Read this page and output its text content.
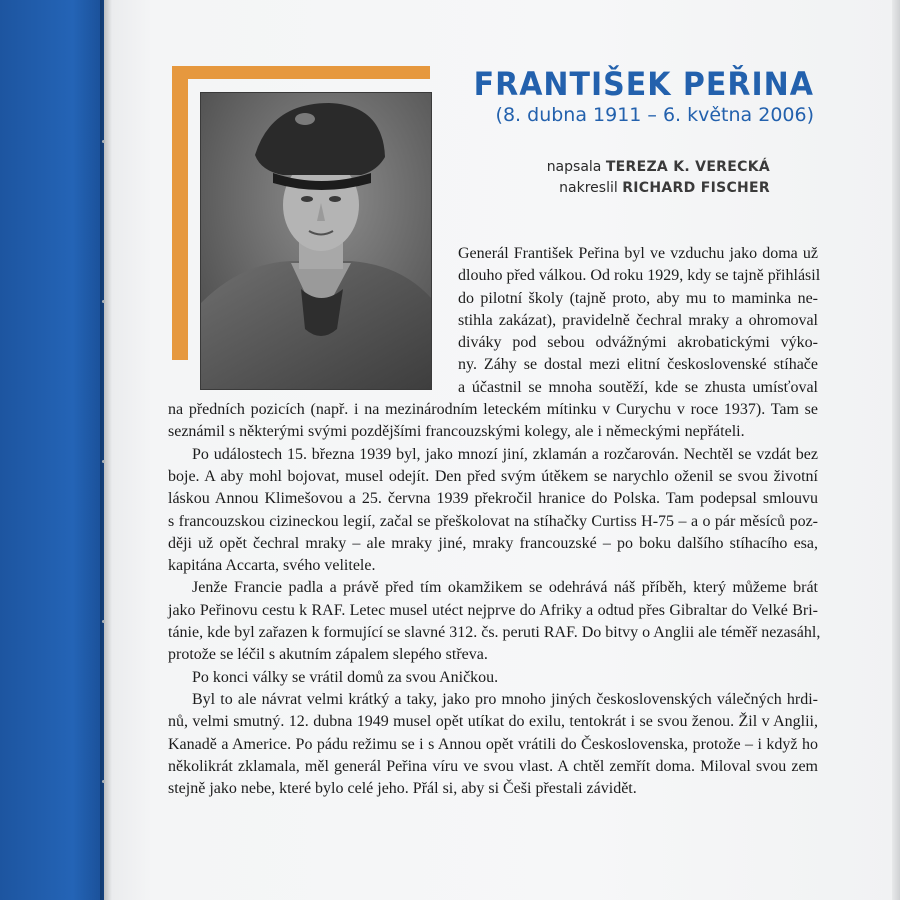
FRANTIŠEK PEŘINA

(8. dubna 1911 – 6. května 2006)

napsala TEREZA K. VERECKÁ
nakreslil RICHARD FISCHER
Generál František Peřina byl ve vzduchu jako doma už
dlouho před válkou. Od roku 1929, kdy se tajně přihlásil
do pilotní školy (tajně proto, aby mu to maminka ne-
stihla zakázat), pravidelně čechral mraky a ohromoval
diváky pod sebou odvážnými akrobatickými výko-
ny. Záhy se dostal mezi elitní československé stíhače
a účastnil se mnoha soutěží, kde se zhusta umísťoval
na předních pozicích (např. i na mezinárodním leteckém mítinku v Curychu v roce 1937). Tam se
seznámil s některými svými pozdějšími francouzskými kolegy, ale i německými nepřáteli.
Po událostech 15. března 1939 byl, jako mnozí jiní, zklamán a rozčarován. Nechtěl se vzdát bez
boje. A aby mohl bojovat, musel odejít. Den před svým útěkem se narychlo oženil se svou životní
láskou Annou Klimešovou a 25. června 1939 překročil hranice do Polska. Tam podepsal smlouvu
s francouzskou cizineckou legií, začal se přeškolovat na stíhačky Curtiss H-75 – a o pár měsíců poz-
ději už opět čechral mraky – ale mraky jiné, mraky francouzské – po boku dalšího stíhacího esa,
kapitána Accarta, svého velitele.
Jenže Francie padla a právě před tím okamžikem se odehrává náš příběh, který můžeme brát
jako Peřinovu cestu k RAF. Letec musel utéct nejprve do Afriky a odtud přes Gibraltar do Velké Bri-
tánie, kde byl zařazen k formující se slavné 312. čs. peruti RAF. Do bitvy o Anglii ale téměř nezasáhl,
protože se léčil s akutním zápalem slepého střeva.
Po konci války se vrátil domů za svou Aničkou.
Byl to ale návrat velmi krátký a taky, jako pro mnoho jiných československých válečných hrdi-
nů, velmi smutný. 12. dubna 1949 musel opět utíkat do exilu, tentokrát i se svou ženou. Žil v Anglii,
Kanadě a Americe. Po pádu režimu se i s Annou opět vrátili do Československa, protože – i když ho
několikrát zklamala, měl generál Peřina víru ve svou vlast. A chtěl zemřít doma. Miloval svou zem
stejně jako nebe, které bylo celé jeho. Přál si, aby si Češi přestali závidět.
